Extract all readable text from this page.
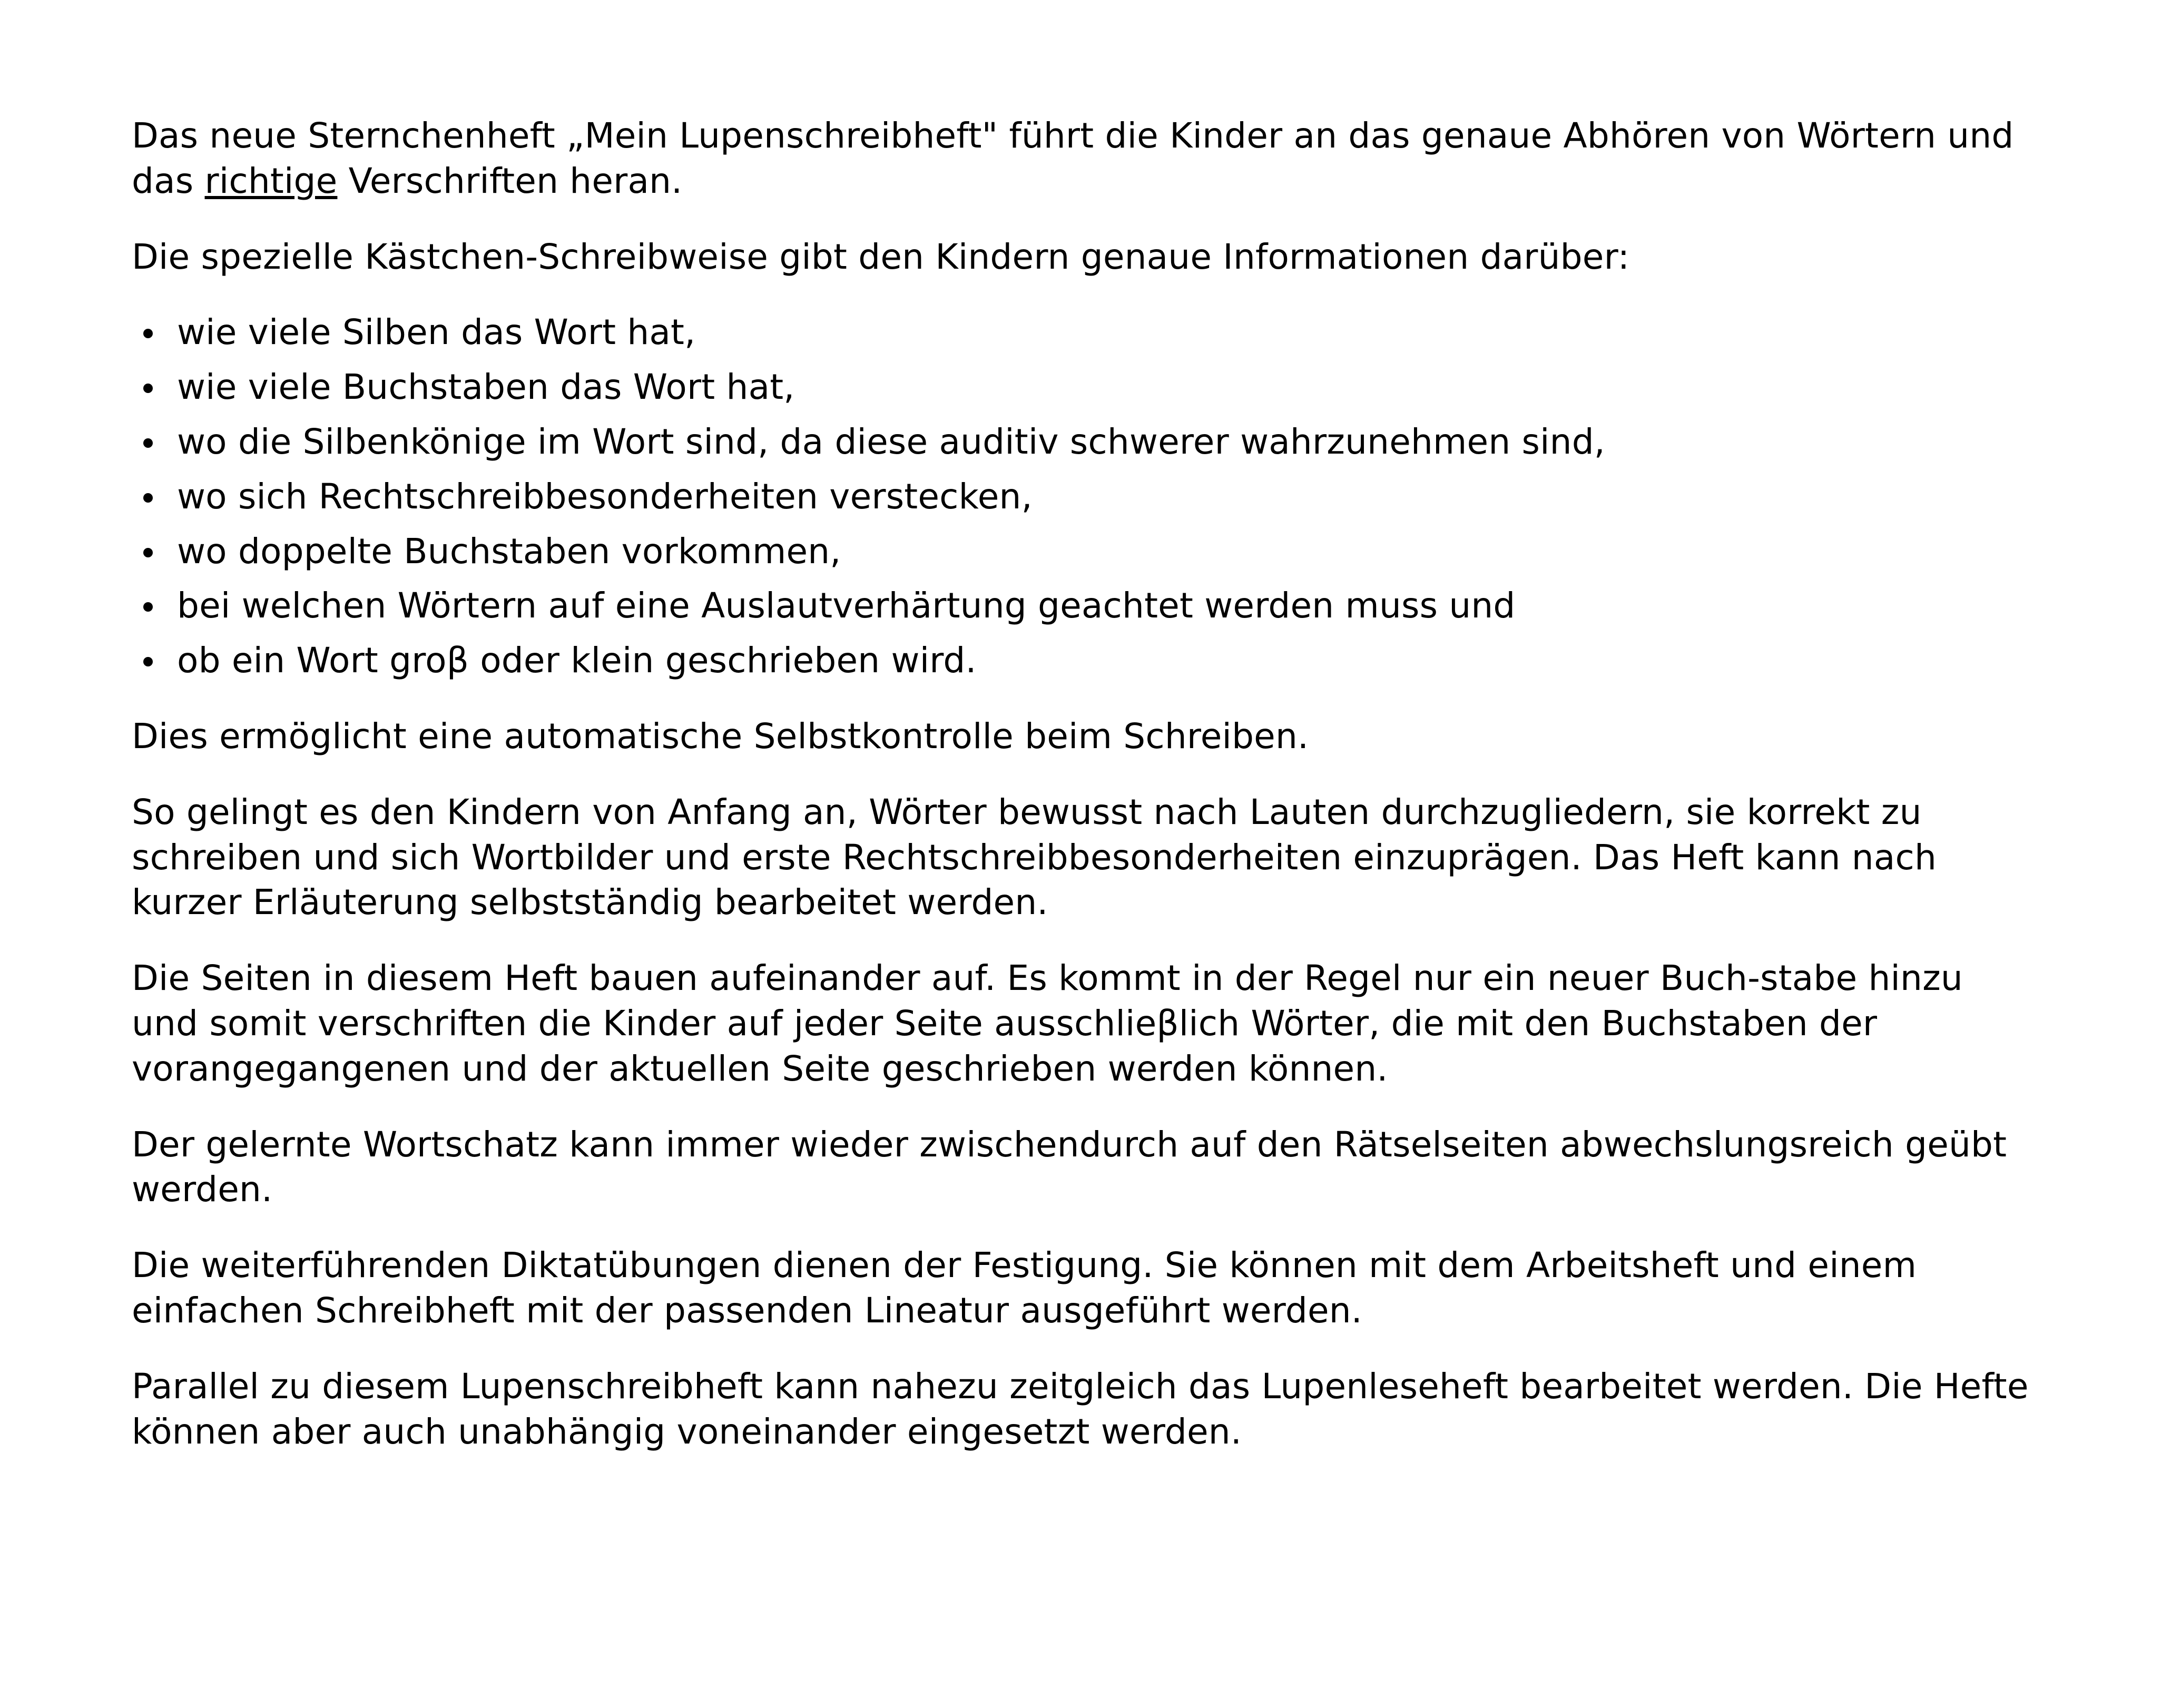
Das neue Sternchenheft „Mein Lupenschreibheft" führt die Kinder an das genaue Abhören von Wörtern und das richtige Verschriften heran.

Die spezielle Kästchen-Schreibweise gibt den Kindern genaue Informationen darüber:

wie viele Silben das Wort hat,
wie viele Buchstaben das Wort hat,
wo die Silbenkönige im Wort sind, da diese auditiv schwerer wahrzunehmen sind,
wo sich Rechtschreibbesonderheiten verstecken,
wo doppelte Buchstaben vorkommen,
bei welchen Wörtern auf eine Auslautverhärtung geachtet werden muss und
ob ein Wort groβ oder klein geschrieben wird.

Dies ermöglicht eine automatische Selbstkontrolle beim Schreiben.

So gelingt es den Kindern von Anfang an, Wörter bewusst nach Lauten durchzugliedern, sie korrekt zu schreiben und sich Wortbilder und erste Rechtschreibbesonderheiten einzuprägen. Das Heft kann nach kurzer Erläuterung selbstständig bearbeitet werden.

Die Seiten in diesem Heft bauen aufeinander auf. Es kommt in der Regel nur ein neuer Buch-stabe hinzu und somit verschriften die Kinder auf jeder Seite ausschlieβlich Wörter, die mit den Buchstaben der vorangegangenen und der aktuellen Seite geschrieben werden können.

Der gelernte Wortschatz kann immer wieder zwischendurch auf den Rätselseiten abwechslungsreich geübt werden.

Die weiterführenden Diktatübungen dienen der Festigung. Sie können mit dem Arbeitsheft und einem einfachen Schreibheft mit der passenden Lineatur ausgeführt werden.

Parallel zu diesem Lupenschreibheft kann nahezu zeitgleich das Lupenleseheft bearbeitet werden. Die Hefte können aber auch unabhängig voneinander eingesetzt werden.
